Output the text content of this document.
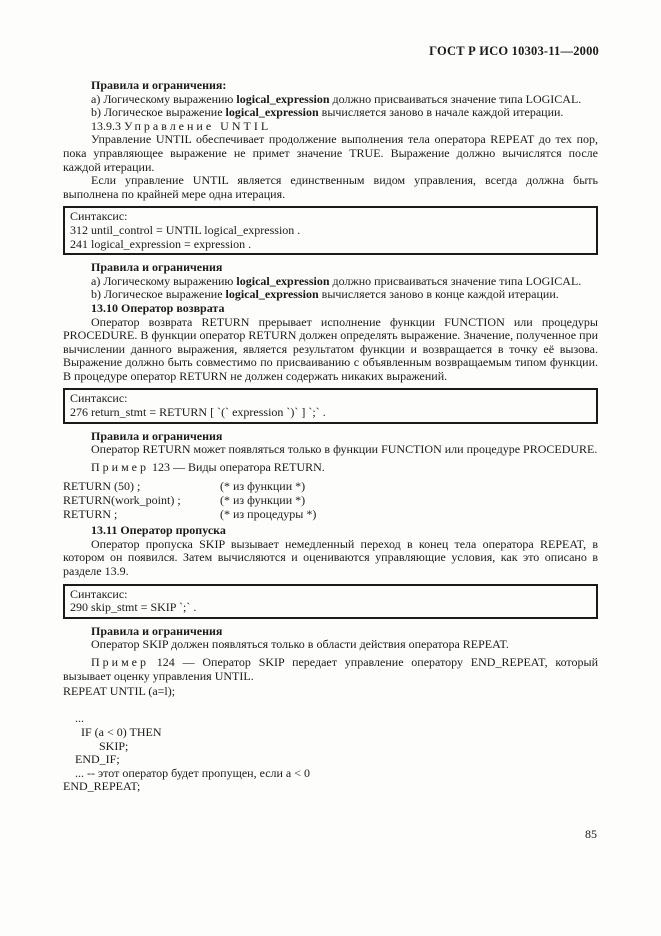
ГОСТ Р ИСО 10303-11—2000

Правила и ограничения:

а) Логическому выражению logical_expression должно присваиваться значение типа LOGICAL.

b) Логическое выражение logical_expression вычисляется заново в начале каждой итерации.

13.9.3 Управление UNTIL

Управление UNTIL обеспечивает продолжение выполнения тела оператора REPEAT до тех пор, пока управляющее выражение не примет значение TRUE. Выражение должно вычислятся после каждой итерации.

Если управление UNTIL является единственным видом управления, всегда должна быть выполнена по крайней мере одна итерация.

Синтаксис:

312 until_control = UNTIL logical_expression .

241 logical_expression = expression .

Правила и ограничения

а) Логическому выражению logical_expression должно присваиваться значение типа LOGICAL.

b) Логическое выражение logical_expression вычисляется заново в конце каждой итерации.

13.10 Оператор возврата

Оператор возврата RETURN прерывает исполнение функции FUNCTION или процедуры PROCEDURE. В функции оператор RETURN должен определять выражение. Значение, полученное при вычислении данного выражения, является результатом функции и возвращается в точку её вызова. Выражение должно быть совместимо по присваиванию с объявленным возвращаемым типом функции. В процедуре оператор RETURN не должен содержать никаких выражений.

Синтаксис:

276 return_stmt = RETURN [ `(` expression `)` ] `;` .

Правила и ограничения

Оператор RETURN может появляться только в функции FUNCTION или процедуре PROCEDURE.

Пример 123 — Виды оператора RETURN.

RETURN (50) ;	(* из функции *)
RETURN(work_point) ;	(* из функции *)
RETURN ;	(* из процедуры *)

13.11 Оператор пропуска

Оператор пропуска SKIP вызывает немедленный переход в конец тела оператора REPEAT, в котором он появился. Затем вычисляются и оцениваются управляющие условия, как это описано в разделе 13.9.

Синтаксис:

290 skip_stmt = SKIP `;` .

Правила и ограничения

Оператор SKIP должен появляться только в области действия оператора REPEAT.

Пример 124 — Оператор SKIP передает управление оператору END_REPEAT, который вызывает оценку управления UNTIL.

REPEAT UNTIL (a=l);

...
IF (a < 0) THEN
SKIP;
END_IF;
... -- этот оператор будет пропущен, если а < 0
END_REPEAT;
85
